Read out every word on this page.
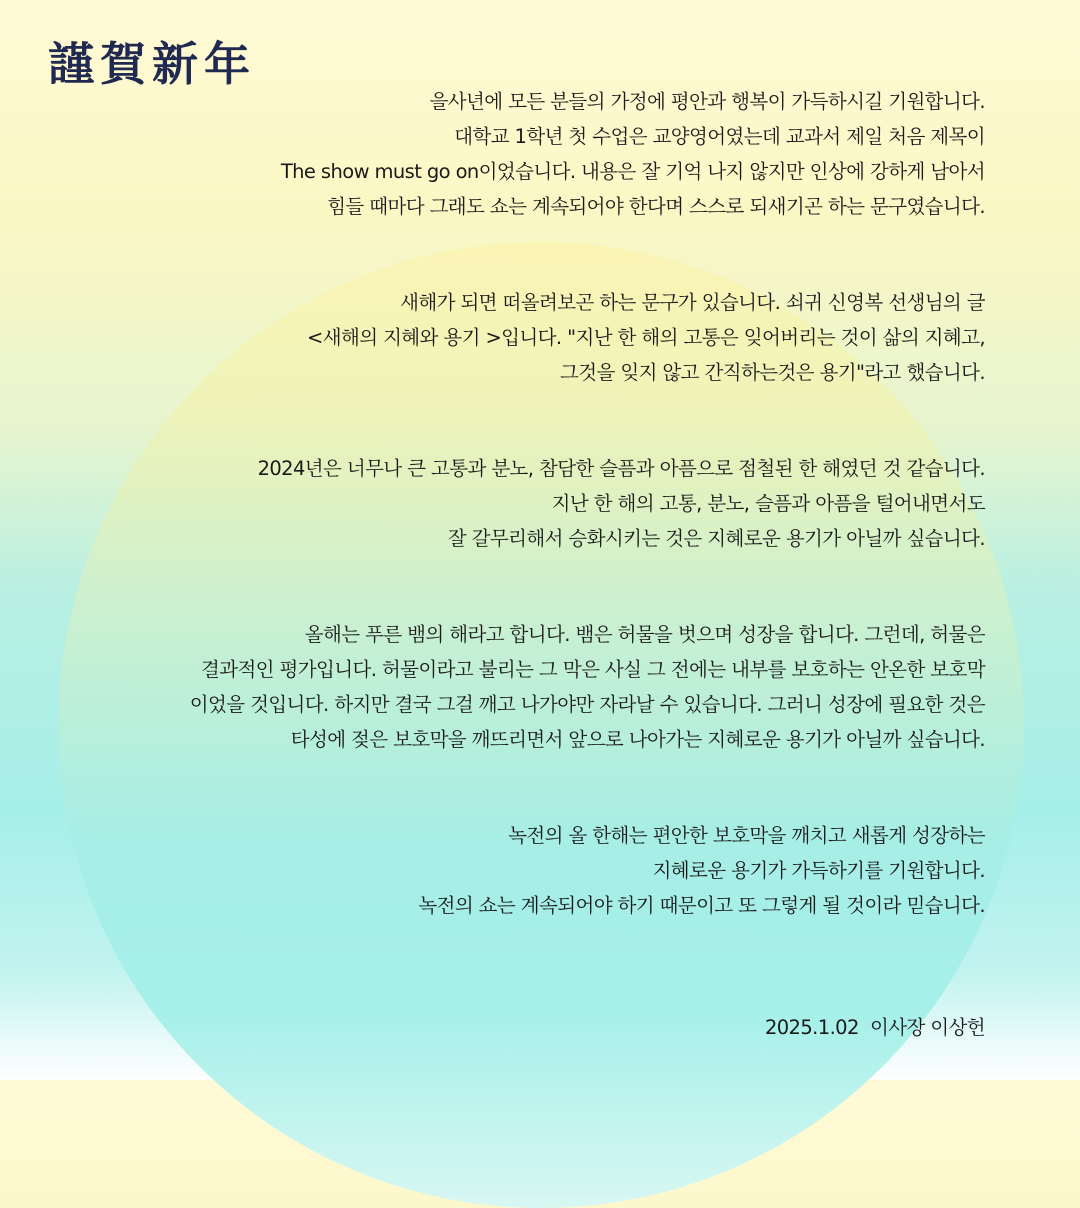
謹賀新年

을사년에 모든 분들의 가정에 평안과 행복이 가득하시길 기원합니다.
대학교 1학년 첫 수업은 교양영어였는데 교과서 제일 처음 제목이
The show must go on이었습니다. 내용은 잘 기억 나지 않지만 인상에 강하게 남아서
힘들 때마다 그래도 쇼는 계속되어야 한다며 스스로 되새기곤 하는 문구였습니다.

새해가 되면 떠올려보곤 하는 문구가 있습니다. 쇠귀 신영복 선생님의 글
<새해의 지혜와 용기 >입니다. "지난 한 해의 고통은 잊어버리는 것이 삶의 지혜고,
그것을 잊지 않고 간직하는것은 용기"라고 했습니다.

2024년은 너무나 큰 고통과 분노, 참담한 슬픔과 아픔으로 점철된 한 해였던 것 같습니다.
지난 한 해의 고통, 분노, 슬픔과 아픔을 털어내면서도
잘 갈무리해서 승화시키는 것은 지혜로운 용기가 아닐까 싶습니다.

올해는 푸른 뱀의 해라고 합니다. 뱀은 허물을 벗으며 성장을 합니다. 그런데, 허물은
결과적인 평가입니다. 허물이라고 불리는 그 막은 사실 그 전에는 내부를 보호하는 안온한 보호막
이었을 것입니다. 하지만 결국 그걸 깨고 나가야만 자라날 수 있습니다. 그러니 성장에 필요한 것은
타성에 젖은 보호막을 깨뜨리면서 앞으로 나아가는 지혜로운 용기가 아닐까 싶습니다.

녹전의 올 한해는 편안한 보호막을 깨치고 새롭게 성장하는
지혜로운 용기가 가득하기를 기원합니다.
녹전의 쇼는 계속되어야 하기 때문이고 또 그렇게 될 것이라 믿습니다.

2025.1.02  이사장 이상헌
